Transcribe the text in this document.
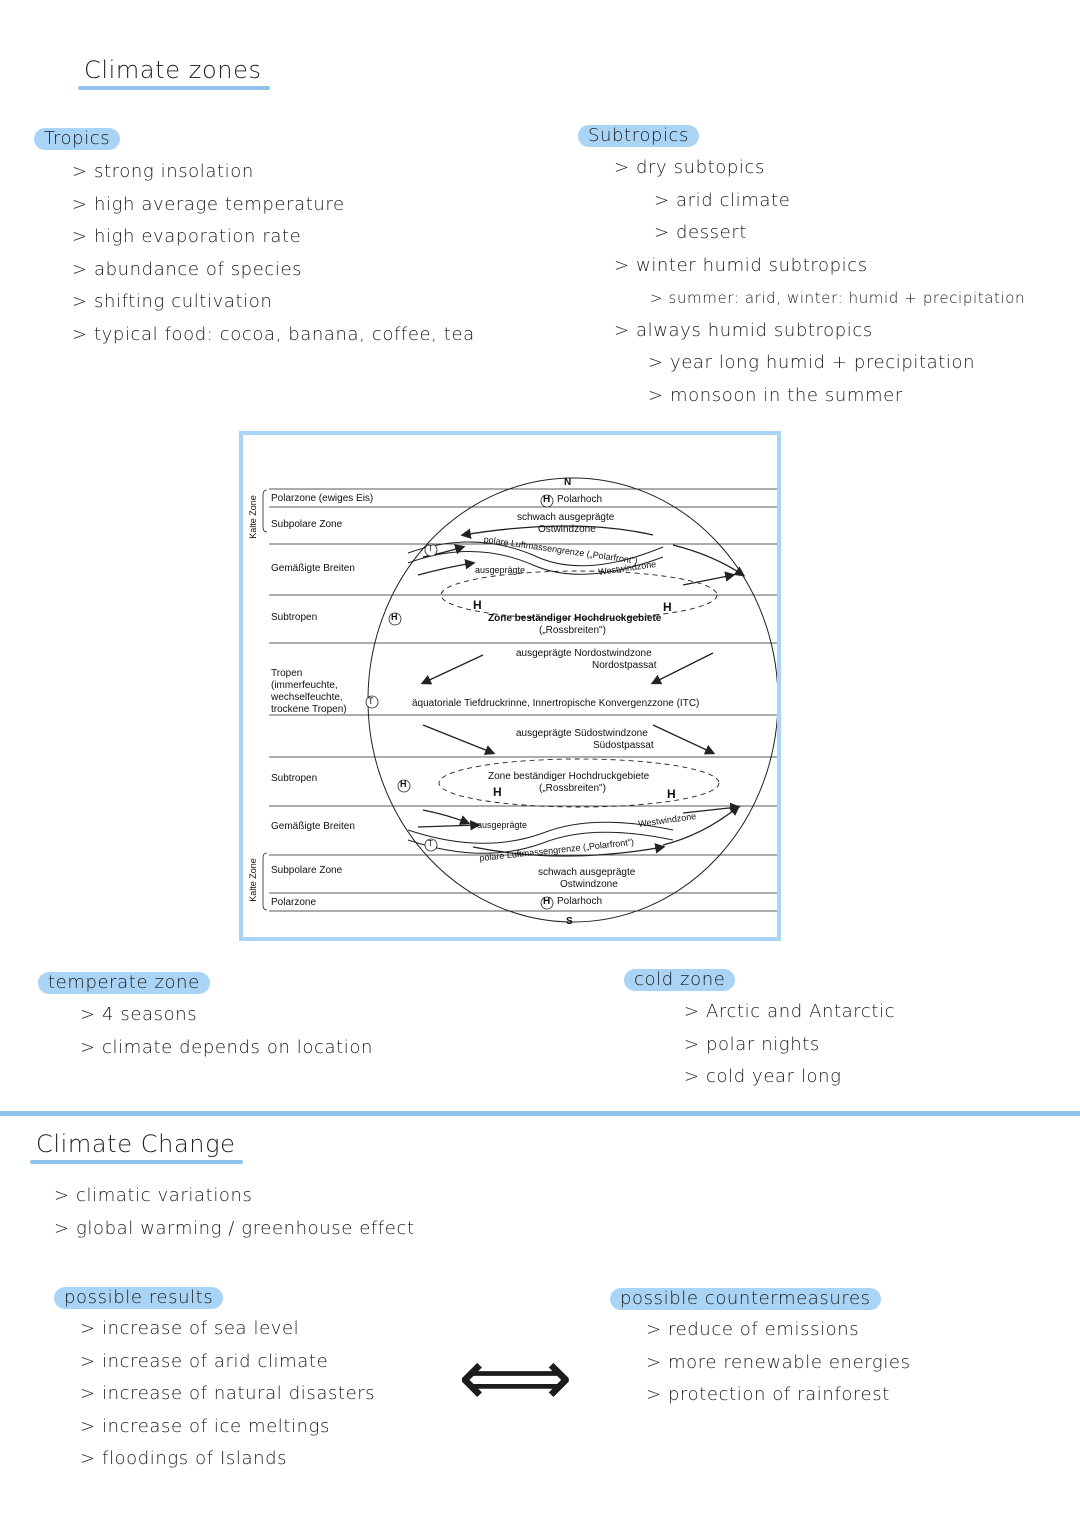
Climate zones
Tropics
> strong insolation
> high average temperature
> high evaporation rate
> abundance of species
> shifting cultivation
> typical food: cocoa, banana, coffee, tea
Subtropics
> dry subtopics
> arid climate
> dessert
> winter humid subtropics
> summer: arid, winter: humid + precipitation
> always humid subtropics
> year long humid + precipitation
> monsoon in the summer
Kalte Zone
Kalte Zone
Polarzone (ewiges Eis)
Subpolare Zone
Gemäßigte Breiten
Subtropen
Tropen
(immerfeuchte,
wechselfeuchte,
trockene Tropen)
Subtropen
Gemäßigte Breiten
Subpolare Zone
Polarzone
H
T
H
T
H
T
H
N
S
Polarhoch
schwach ausgeprägte
Ostwindzone
polare Luftmassengrenze („Polarfront")
ausgeprägte	Westwindzone
H	H
Zone beständiger Hochdruckgebiete
(„Rossbreiten")
ausgeprägte Nordostwindzone
Nordostpassat
äquatoriale Tiefdruckrinne, Innertropische Konvergenzzone (ITC)
ausgeprägte Südostwindzone
Südostpassat
Zone beständiger Hochdruckgebiete
(„Rossbreiten")
H	H
ausgeprägte	Westwindzone
polare Luftmassengrenze („Polarfront")
schwach ausgeprägte
Ostwindzone
Polarhoch
temperate zone
> 4 seasons
> climate depends on location
cold zone
> Arctic and Antarctic
> polar nights
> cold year long
Climate Change
> climatic variations
> global warming / greenhouse effect
possible results
> increase of sea level
> increase of arid climate
> increase of natural disasters
> increase of ice meltings
> floodings of Islands
⟺
possible countermeasures
> reduce of emissions
> more renewable energies
> protection of rainforest
